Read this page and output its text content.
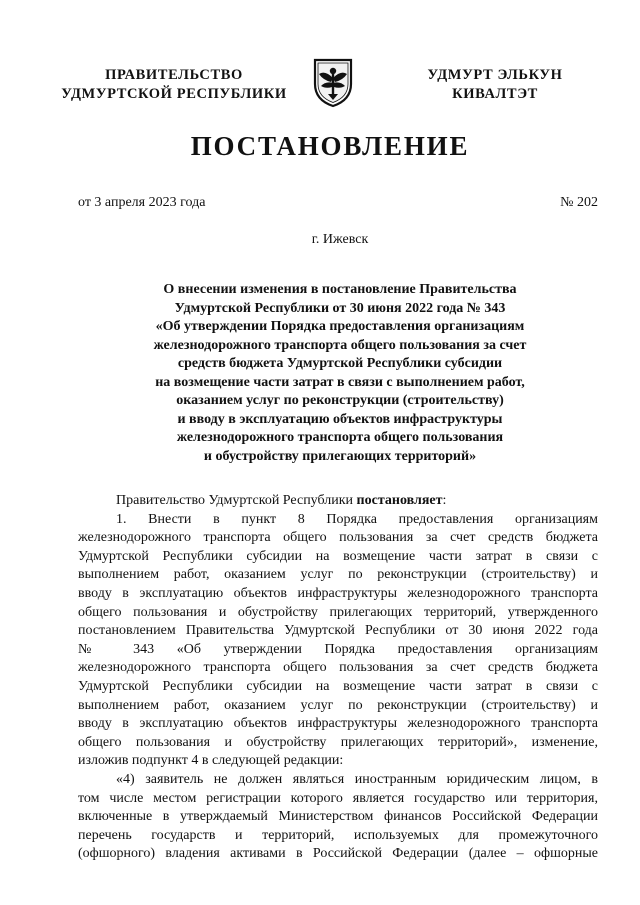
ПРАВИТЕЛЬСТВО
УДМУРТСКОЙ РЕСПУБЛИКИ
УДМУРТ ЭЛЬКУН
КИВАЛТЭТ
ПОСТАНОВЛЕНИЕ
от 3 апреля 2023 года	№ 202
г. Ижевск
О внесении изменения в постановление Правительства
Удмуртской Республики от 30 июня 2022 года № 343
«Об утверждении Порядка предоставления организациям
железнодорожного транспорта общего пользования за счет
средств бюджета Удмуртской Республики субсидии
на возмещение части затрат в связи с выполнением работ,
оказанием услуг по реконструкции (строительству)
и вводу в эксплуатацию объектов инфраструктуры
железнодорожного транспорта общего пользования
и обустройству прилегающих территорий»
Правительство Удмуртской Республики постановляет:
1. Внести в пункт 8 Порядка предоставления организациям
железнодорожного транспорта общего пользования за счет средств бюджета
Удмуртской Республики субсидии на возмещение части затрат в связи с
выполнением работ, оказанием услуг по реконструкции (строительству) и
вводу в эксплуатацию объектов инфраструктуры железнодорожного транспорта
общего пользования и обустройству прилегающих территорий, утвержденного
постановлением Правительства Удмуртской Республики от 30 июня 2022 года
№ 343 «Об утверждении Порядка предоставления организациям
железнодорожного транспорта общего пользования за счет средств бюджета
Удмуртской Республики субсидии на возмещение части затрат в связи с
выполнением работ, оказанием услуг по реконструкции (строительству) и
вводу в эксплуатацию объектов инфраструктуры железнодорожного транспорта
общего пользования и обустройству прилегающих территорий», изменение,
изложив подпункт 4 в следующей редакции:
«4) заявитель не должен являться иностранным юридическим лицом, в
том числе местом регистрации которого является государство или территория,
включенные в утверждаемый Министерством финансов Российской Федерации
перечень государств и территорий, используемых для промежуточного
(офшорного) владения активами в Российской Федерации (далее – офшорные
